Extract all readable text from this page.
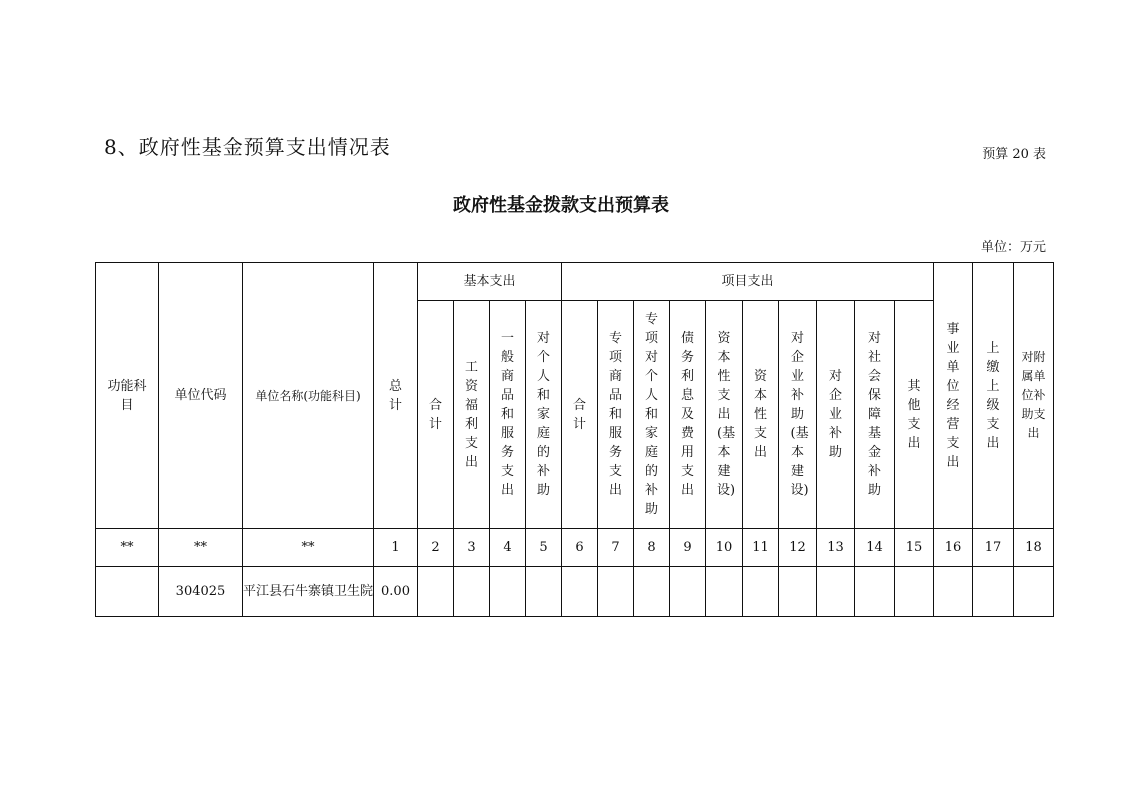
8、政府性基金预算支出情况表	预算 20 表
政府性基金拨款支出预算表
单位：万元
功能科目	单位代码	单位名称(功能科目)	总计	基本支出				项目支出										事业单位经营支出	上缴上级支出	对附属单位补助支出
				合计	工资福利支出	一般商品和服务支出	对个人和家庭的补助	合计	专项商品和服务支出	专项对个人和家庭的补助	债务利息及费用支出	资本性支出(基本建设)	资本性支出	对企业补助(基本建设)	对企业补助	对社会保障基金补助	其他支出			
**	**	**	1	2	3	4	5	6	7	8	9	10	11	12	13	14	15	16	17	18
	304025	平江县石牛寨镇卫生院	0.00																	
